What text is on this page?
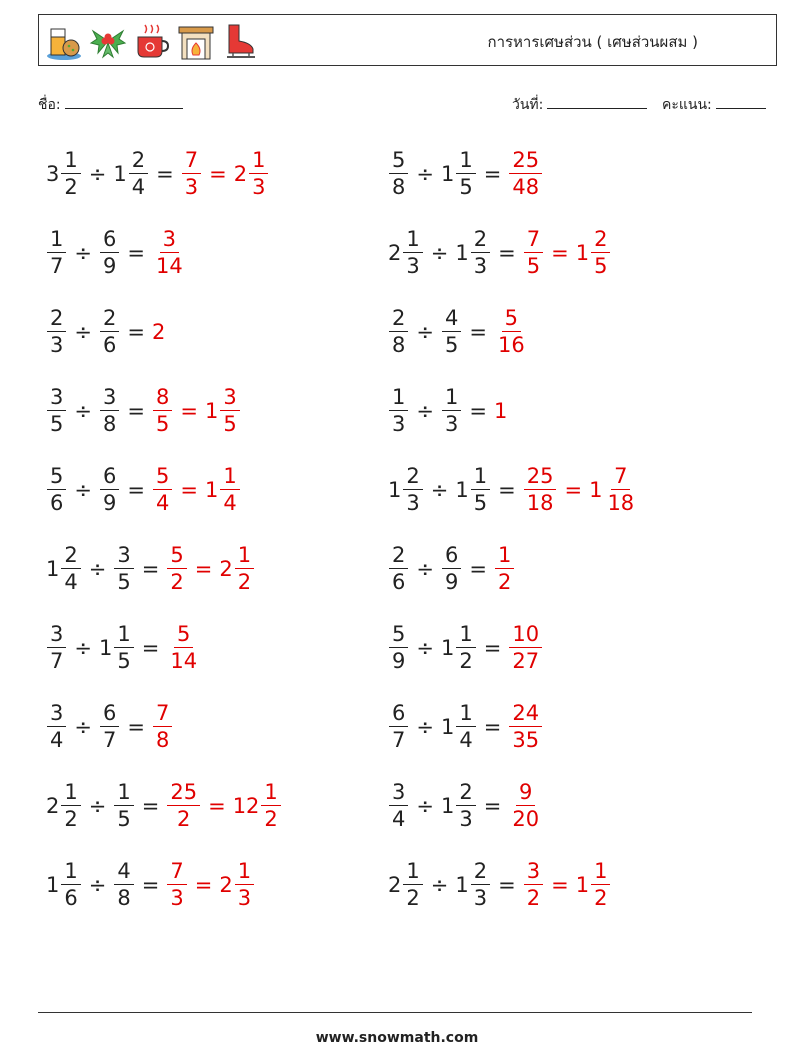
การหารเศษส่วน ( เศษส่วนผสม )
ชื่อ:	วันที่:	คะแนน:
$3 \frac{1}{2} \div 1 \frac{2}{4} = \frac{7}{3} = 2 \frac{1}{3}$	$\frac{5}{8} \div 1 \frac{1}{5} = \frac{25}{48}$
$\frac{1}{7} \div \frac{6}{9} = \frac{3}{14}$	$2 \frac{1}{3} \div 1 \frac{2}{3} = \frac{7}{5} = 1 \frac{2}{5}$
$\frac{2}{3} \div \frac{2}{6} = 2$	$\frac{2}{8} \div \frac{4}{5} = \frac{5}{16}$
$\frac{3}{5} \div \frac{3}{8} = \frac{8}{5} = 1 \frac{3}{5}$	$\frac{1}{3} \div \frac{1}{3} = 1$
$\frac{5}{6} \div \frac{6}{9} = \frac{5}{4} = 1 \frac{1}{4}$	$1 \frac{2}{3} \div 1 \frac{1}{5} = \frac{25}{18} = 1 \frac{7}{18}$
$1 \frac{2}{4} \div \frac{3}{5} = \frac{5}{2} = 2 \frac{1}{2}$	$\frac{2}{6} \div \frac{6}{9} = \frac{1}{2}$
$\frac{3}{7} \div 1 \frac{1}{5} = \frac{5}{14}$	$\frac{5}{9} \div 1 \frac{1}{2} = \frac{10}{27}$
$\frac{3}{4} \div \frac{6}{7} = \frac{7}{8}$	$\frac{6}{7} \div 1 \frac{1}{4} = \frac{24}{35}$
$2 \frac{1}{2} \div \frac{1}{5} = \frac{25}{2} = 12 \frac{1}{2}$	$\frac{3}{4} \div 1 \frac{2}{3} = \frac{9}{20}$
$1 \frac{1}{6} \div \frac{4}{8} = \frac{7}{3} = 2 \frac{1}{3}$	$2 \frac{1}{2} \div 1 \frac{2}{3} = \frac{3}{2} = 1 \frac{1}{2}$
www.snowmath.com
